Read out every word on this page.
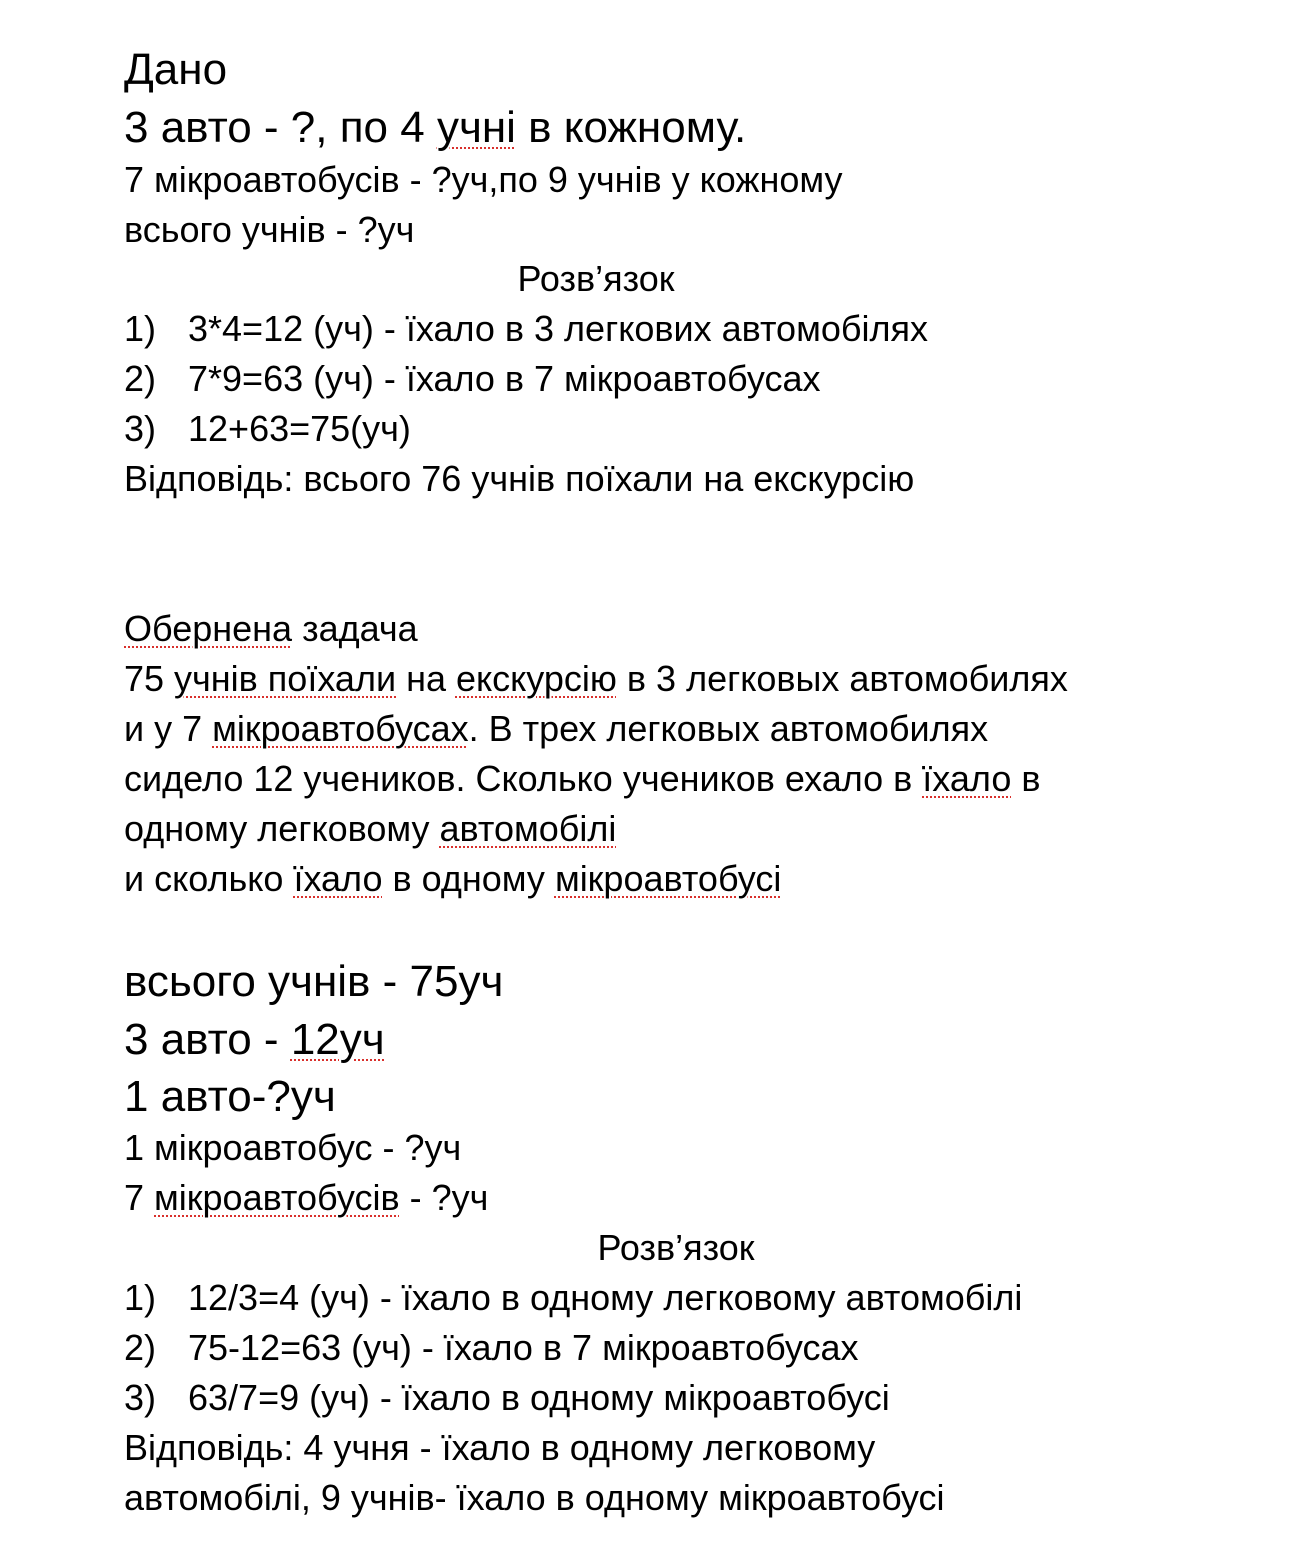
Дано
3 авто - ?, по 4 учні в кожному.
7 мікроавтобусів - ?уч,по 9 учнів у кожному
всього учнів - ?уч
Розв’язок
1) 3*4=12 (уч) - їхало в 3 легкових автомобілях
2) 7*9=63 (уч) - їхало в 7 мікроавтобусах
3) 12+63=75(уч)
Відповідь: всього 76 учнів поїхали на екскурсію
Обернена задача
75 учнів поїхали на екскурсію в 3 легковых автомобилях
и у 7 мікроавтобусах. В трех легковых автомобилях
сидело 12 учеников. Сколько учеников ехало в їхало в
одному легковому автомобілі
и сколько їхало в одному мікроавтобусі
всього учнів - 75уч
3 авто - 12уч
1 авто-?уч
1 мікроавтобус - ?уч
7 мікроавтобусів - ?уч
Розв’язок
1) 12/3=4 (уч) - їхало в одному легковому автомобілі
2) 75-12=63 (уч) - їхало в 7 мікроавтобусах
3) 63/7=9 (уч) - їхало в одному мікроавтобусі
Відповідь: 4 учня - їхало в одному легковому
автомобілі, 9 учнів- їхало в одному мікроавтобусі
